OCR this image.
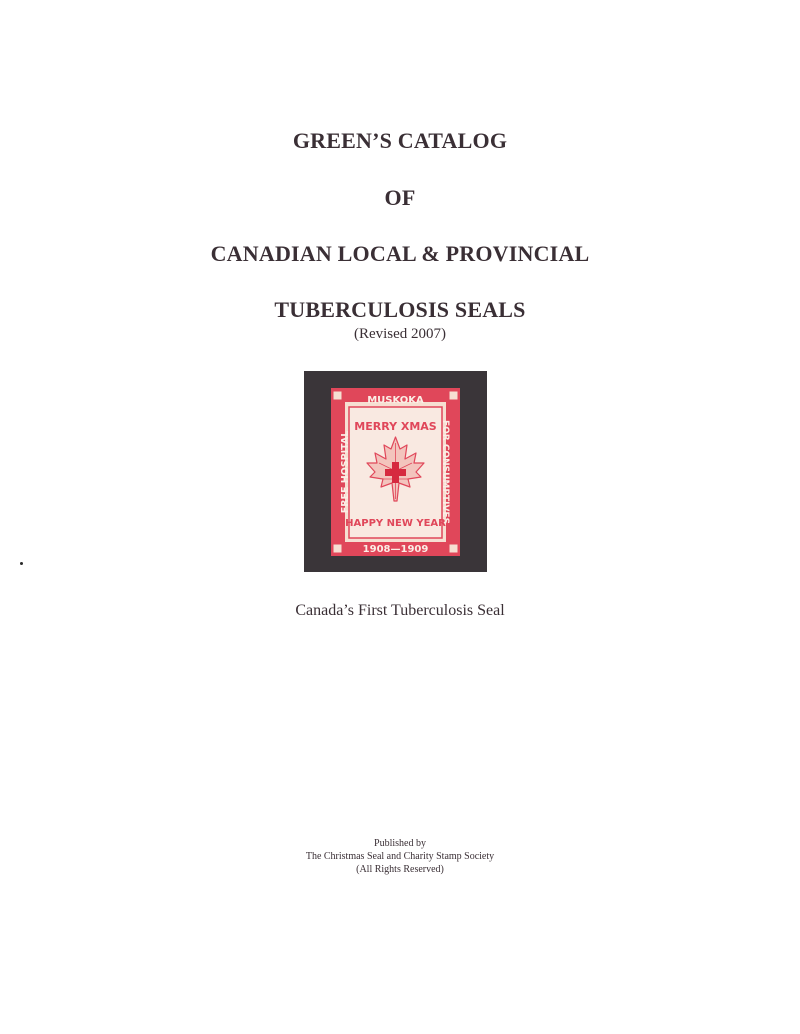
GREEN’S CATALOG
OF
CANADIAN LOCAL & PROVINCIAL
TUBERCULOSIS SEALS
(Revised 2007)
MUSKOKA
1908—1909
FREE HOSPITAL	FOR CONSUMPTIVES
MERRY XMAS
HAPPY NEW YEAR
Canada’s First Tuberculosis Seal
Published by
The Christmas Seal and Charity Stamp Society
(All Rights Reserved)
